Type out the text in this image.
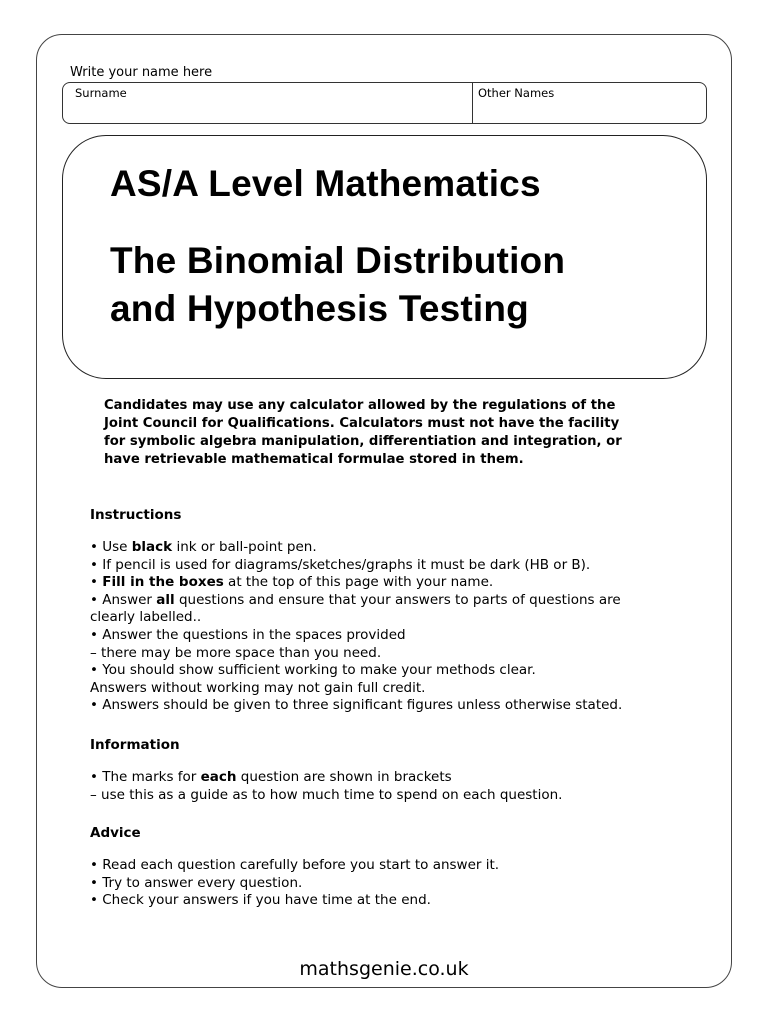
Write your name here
Surname	Other Names
AS/A Level Mathematics
The Binomial Distribution
and Hypothesis Testing
Candidates may use any calculator allowed by the regulations of the
Joint Council for Qualifications. Calculators must not have the facility
for symbolic algebra manipulation, differentiation and integration, or
have retrievable mathematical formulae stored in them.
Instructions
• Use black ink or ball-point pen.
• If pencil is used for diagrams/sketches/graphs it must be dark (HB or B).
• Fill in the boxes at the top of this page with your name.
• Answer all questions and ensure that your answers to parts of questions are
clearly labelled..
• Answer the questions in the spaces provided
– there may be more space than you need.
• You should show sufficient working to make your methods clear.
Answers without working may not gain full credit.
• Answers should be given to three significant figures unless otherwise stated.
Information
• The marks for each question are shown in brackets
– use this as a guide as to how much time to spend on each question.
Advice
• Read each question carefully before you start to answer it.
• Try to answer every question.
• Check your answers if you have time at the end.
mathsgenie.co.uk
